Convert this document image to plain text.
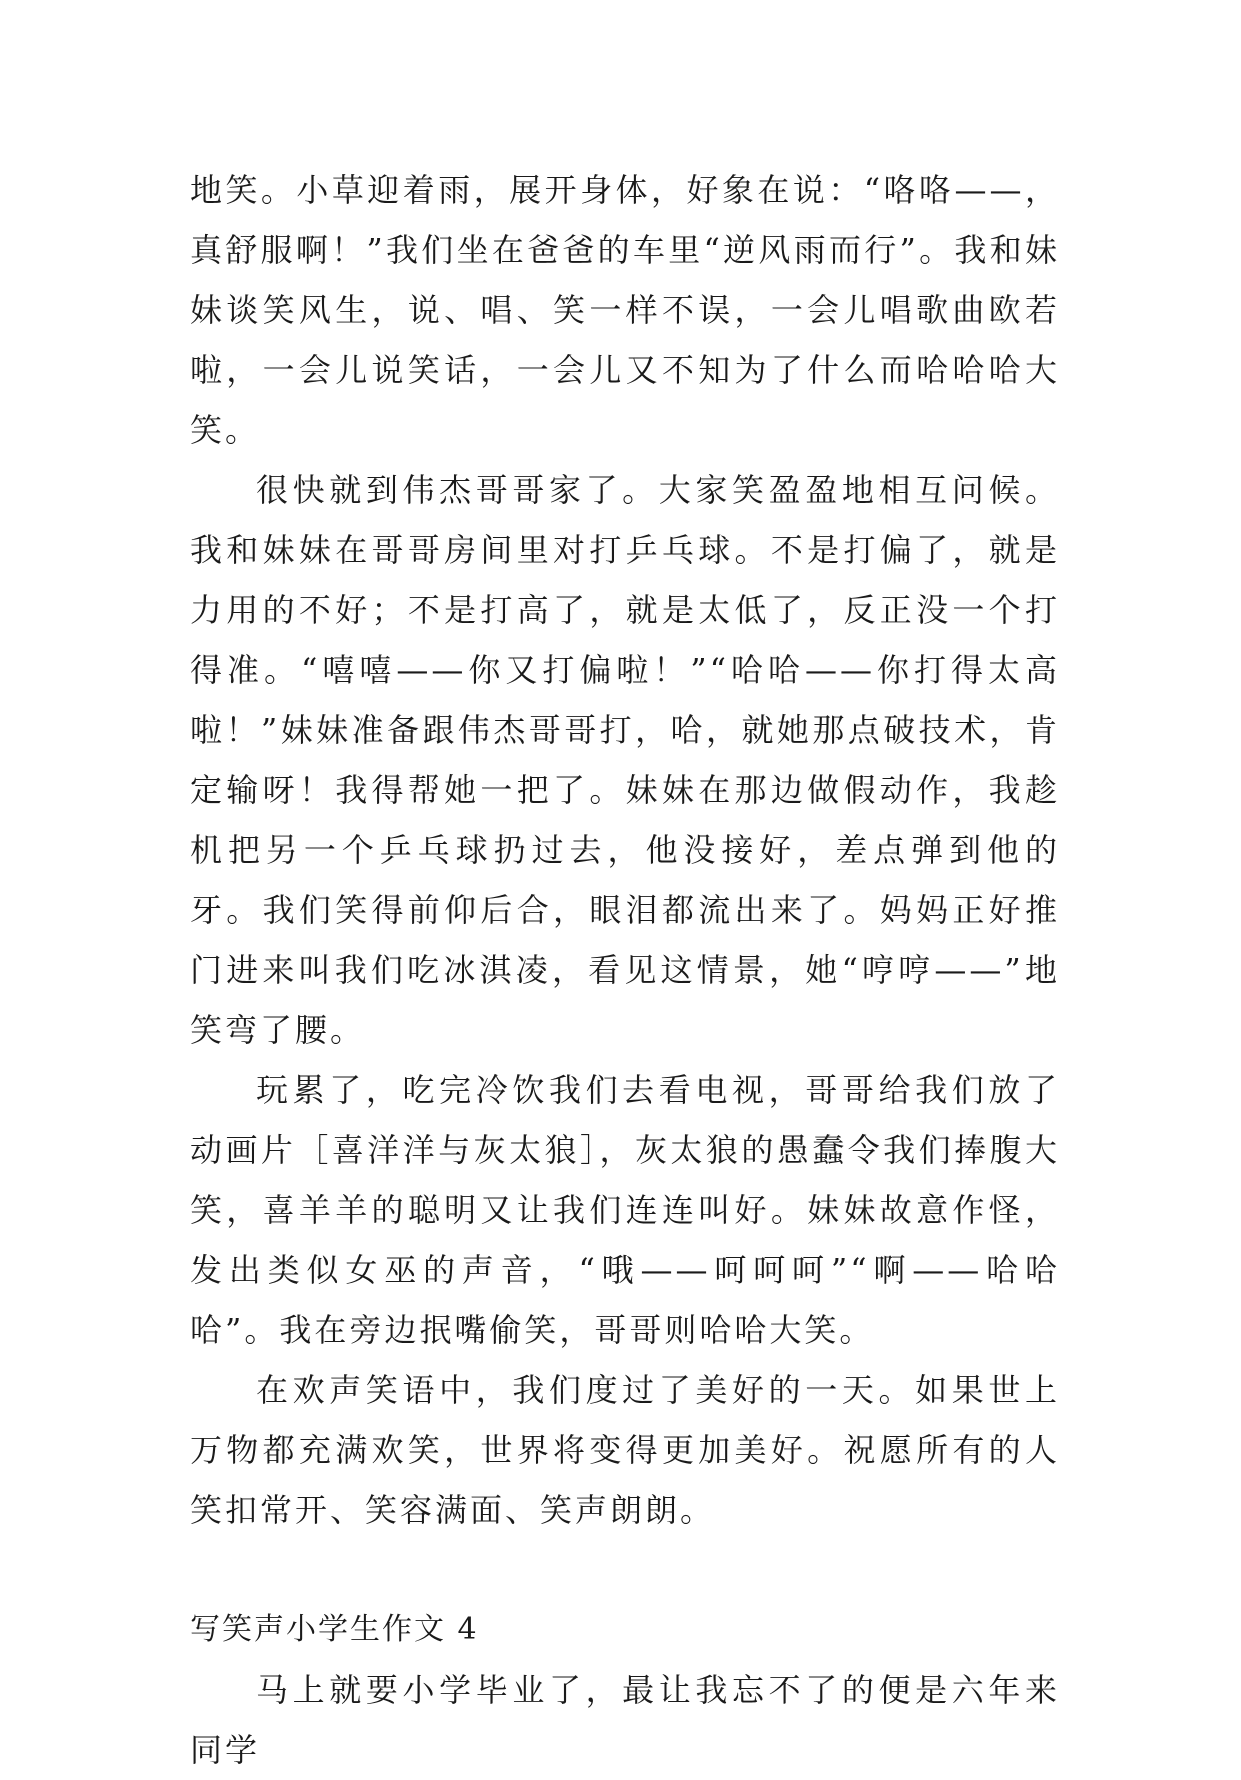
地笑。小草迎着雨，展开身体，好象在说：“咯咯——，真舒服啊！”我们坐在爸爸的车里“逆风雨而行”。我和妹妹谈笑风生，说、唱、笑一样不误，一会儿唱歌曲欧若啦，一会儿说笑话，一会儿又不知为了什么而哈哈哈大笑。

很快就到伟杰哥哥家了。大家笑盈盈地相互问候。我和妹妹在哥哥房间里对打乒乓球。不是打偏了，就是力用的不好；不是打高了，就是太低了，反正没一个打得准。“嘻嘻——你又打偏啦！”“哈哈——你打得太高啦！”妹妹准备跟伟杰哥哥打，哈，就她那点破技术，肯定输呀！我得帮她一把了。妹妹在那边做假动作，我趁机把另一个乒乓球扔过去，他没接好，差点弹到他的牙。我们笑得前仰后合，眼泪都流出来了。妈妈正好推门进来叫我们吃冰淇凌，看见这情景，她“哼哼——”地笑弯了腰。

玩累了，吃完冷饮我们去看电视，哥哥给我们放了动画片［喜洋洋与灰太狼］，灰太狼的愚蠢令我们捧腹大笑，喜羊羊的聪明又让我们连连叫好。妹妹故意作怪，发出类似女巫的声音，“哦——呵呵呵”“啊——哈哈哈”。我在旁边抿嘴偷笑，哥哥则哈哈大笑。

在欢声笑语中，我们度过了美好的一天。如果世上万物都充满欢笑，世界将变得更加美好。祝愿所有的人笑扣常开、笑容满面、笑声朗朗。

写笑声小学生作文 4

马上就要小学毕业了，最让我忘不了的便是六年来同学
